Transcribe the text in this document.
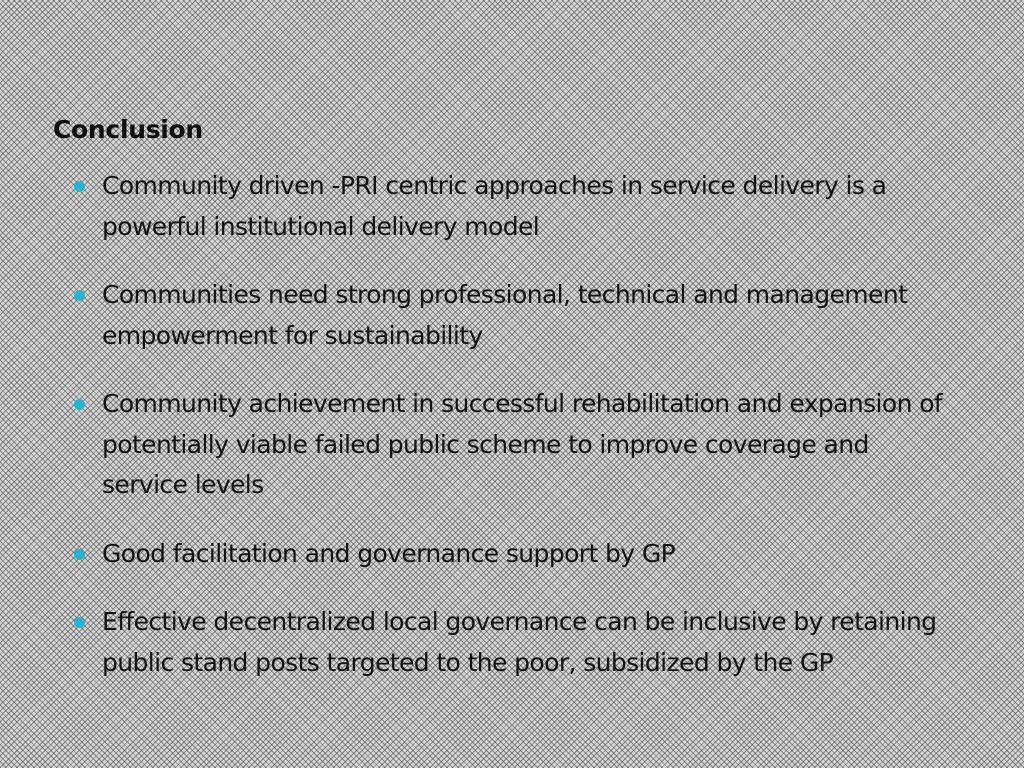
Conclusion
Community driven -PRI centric approaches in service delivery is a powerful institutional delivery model
Communities need strong professional, technical and management empowerment for sustainability
Community achievement in successful rehabilitation and expansion of potentially viable failed public scheme to improve coverage and service levels
Good facilitation and governance support by GP
Effective decentralized local governance can be inclusive by retaining public stand posts targeted to the poor, subsidized by the GP
